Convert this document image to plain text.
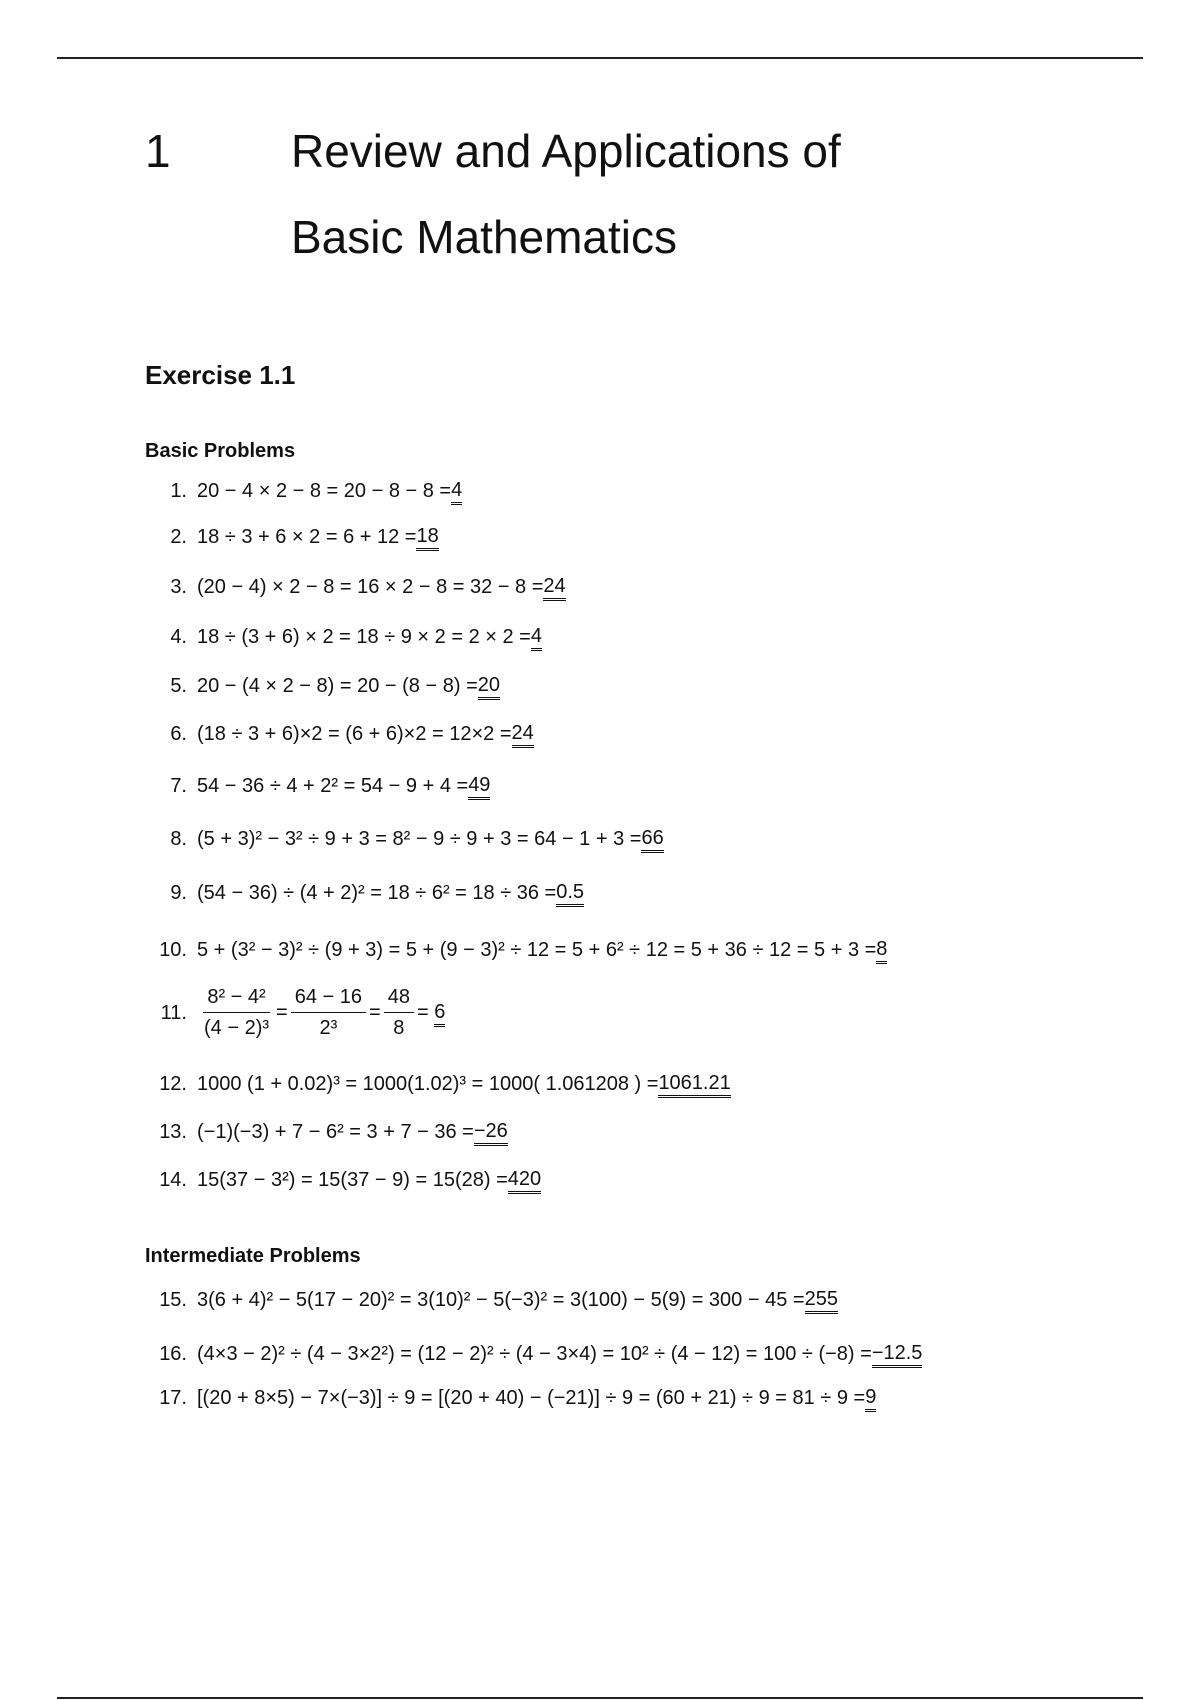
1	Review and Applications of
Basic Mathematics
Exercise 1.1
Basic Problems
1. 20 − 4 × 2 − 8 = 20 − 8 − 8 =4
2. 18 ÷ 3 + 6 × 2 = 6 + 12 =18
3. (20 − 4) × 2 − 8 = 16 × 2 − 8 = 32 − 8 =24
4. 18 ÷ (3 + 6) × 2 = 18 ÷ 9 × 2 = 2 × 2 =4
5. 20 − (4 × 2 − 8) = 20 − (8 − 8) =20
6. (18 ÷ 3 + 6)×2 = (6 + 6)×2 = 12×2 =24
7. 54 − 36 ÷ 4 + 2² = 54 − 9 + 4 =49
8. (5 + 3)² − 3² ÷ 9 + 3 = 8² − 9 ÷ 9 + 3 = 64 − 1 + 3 =66
9. (54 − 36) ÷ (4 + 2)² = 18 ÷ 6² = 18 ÷ 36 =0.5
10. 5 + (3² − 3)² ÷ (9 + 3) = 5 + (9 − 3)² ÷ 12 = 5 + 6² ÷ 12 = 5 + 36 ÷ 12 = 5 + 3 =8
11. $\frac{\text{8² − 4²}}{\text{(4 − 2)³}} = \frac{64 - 16}{\text{2³}} = \frac{48}{8} = 6$
12. 1000 (1 + 0.02)³ = 1000(1.02)³ = 1000( 1.061208 ) =1061.21
13. (−1)(−3) + 7 − 6² = 3 + 7 − 36 =−26
14. 15(37 − 3²) = 15(37 − 9) = 15(28) =420
Intermediate Problems
15. 3(6 + 4)² − 5(17 − 20)² = 3(10)² − 5(−3)² = 3(100) − 5(9) = 300 − 45 =255
16. (4×3 − 2)² ÷ (4 − 3×2²) = (12 − 2)² ÷ (4 − 3×4) = 10² ÷ (4 − 12) = 100 ÷ (−8) =−12.5
17. [(20 + 8×5) − 7×(−3)] ÷ 9 = [(20 + 40) − (−21)] ÷ 9 = (60 + 21) ÷ 9 = 81 ÷ 9 =9
